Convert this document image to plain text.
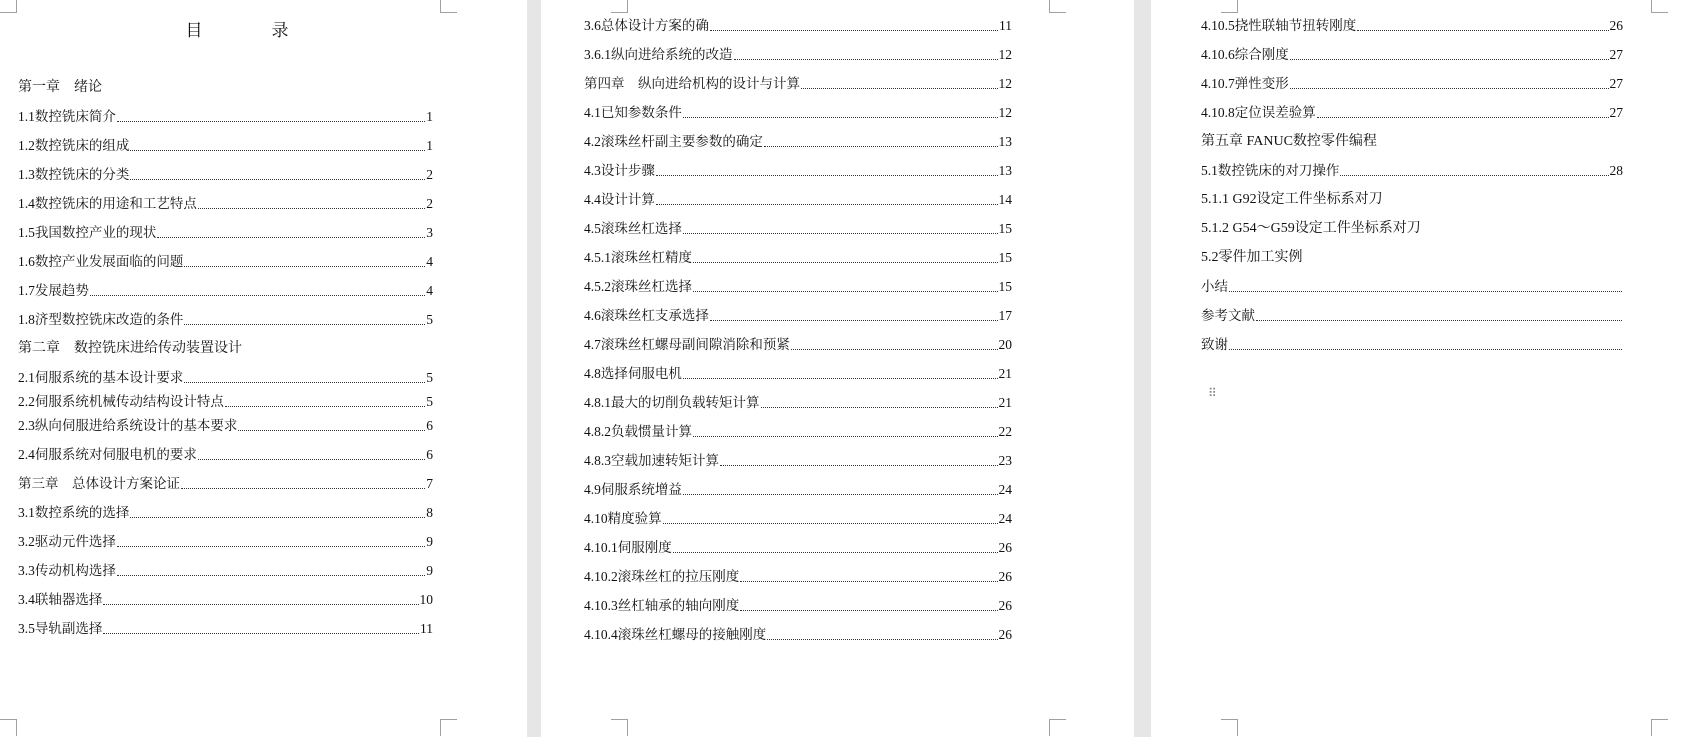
目　录
第一章　绪论
1.1数控铣床简介	1
1.2数控铣床的组成	1
1.3数控铣床的分类	2
1.4数控铣床的用途和工艺特点	2
1.5我国数控产业的现状	3
1.6数控产业发展面临的问题	4
1.7发展趋势	4
1.8济型数控铣床改造的条件	5
第二章　数控铣床进给传动装置设计
2.1伺服系统的基本设计要求	5
2.2伺服系统机械传动结构设计特点	5
2.3纵向伺服进给系统设计的基本要求	6
2.4伺服系统对伺服电机的要求	6
第三章　总体设计方案论证	7
3.1数控系统的选择	8
3.2驱动元件选择	9
3.3传动机构选择	9
3.4联轴器选择	10
3.5导轨副选择	11
3.6总体设计方案的确	11
3.6.1纵向进给系统的改造	12
第四章　纵向进给机构的设计与计算	12
4.1已知参数条件	12
4.2滚珠丝杆副主要参数的确定	13
4.3设计步骤	13
4.4设计计算	14
4.5滚珠丝杠选择	15
4.5.1滚珠丝杠精度	15
4.5.2滚珠丝杠选择	15
4.6滚珠丝杠支承选择	17
4.7滚珠丝杠螺母副间隙消除和预紧	20
4.8选择伺服电机	21
4.8.1最大的切削负载转矩计算	21
4.8.2负载惯量计算	22
4.8.3空载加速转矩计算	23
4.9伺服系统增益	24
4.10精度验算	24
4.10.1伺服刚度	26
4.10.2滚珠丝杠的拉压刚度	26
4.10.3丝杠轴承的轴向刚度	26
4.10.4滚珠丝杠螺母的接触刚度	26
4.10.5挠性联轴节扭转刚度	26
4.10.6综合刚度	27
4.10.7弹性变形	27
4.10.8定位误差验算	27
第五章 FANUC数控零件编程
5.1数控铣床的对刀操作	28
5.1.1 G92设定工件坐标系对刀
5.1.2 G54～G59设定工件坐标系对刀
5.2零件加工实例
小结
参考文献
致谢
⠿
